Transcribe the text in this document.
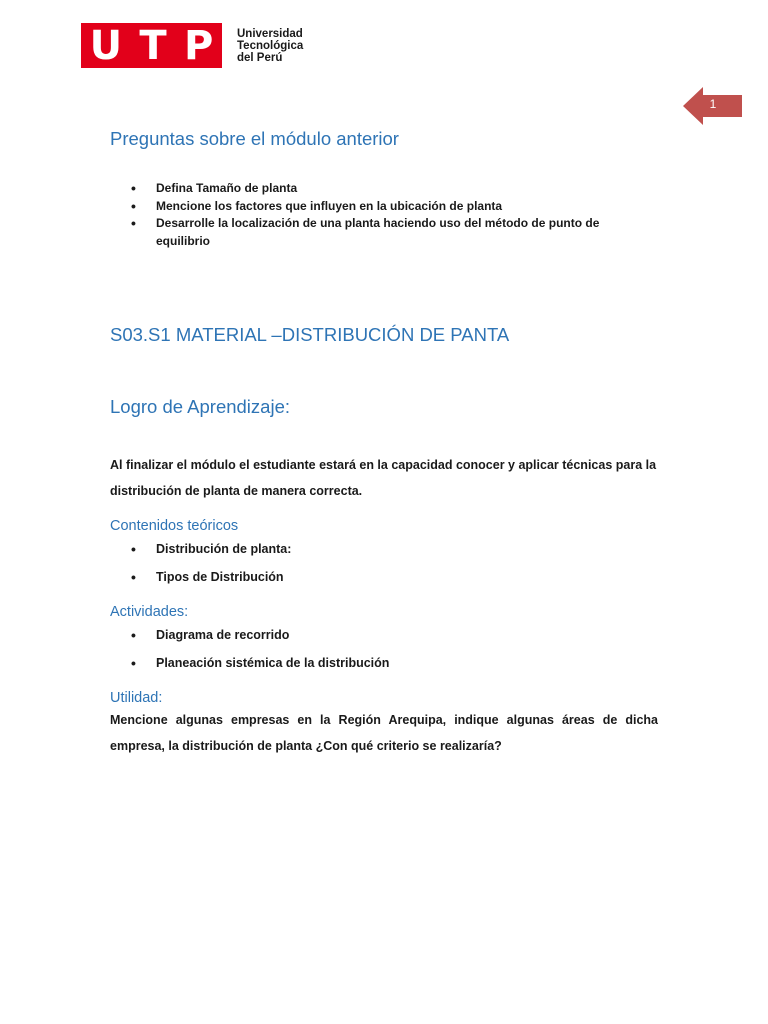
U T P Universidad
Tecnológica
del Perú
1
Preguntas sobre el módulo anterior
• Defina Tamaño de planta
• Mencione los factores que influyen en la ubicación de planta
• Desarrolle la localización de una planta haciendo uso del método de punto de equilibrio
S03.S1 MATERIAL –DISTRIBUCIÓN DE PANTA
Logro de Aprendizaje:
Al finalizar el módulo el estudiante estará en la capacidad conocer y aplicar técnicas para la distribución de planta de manera correcta.
Contenidos teóricos
• Distribución de planta:
• Tipos de Distribución
Actividades:
• Diagrama de recorrido
• Planeación sistémica de la distribución
Utilidad:
Mencione algunas empresas en la Región Arequipa, indique algunas áreas de dicha empresa, la distribución de planta ¿Con qué criterio se realizaría?
